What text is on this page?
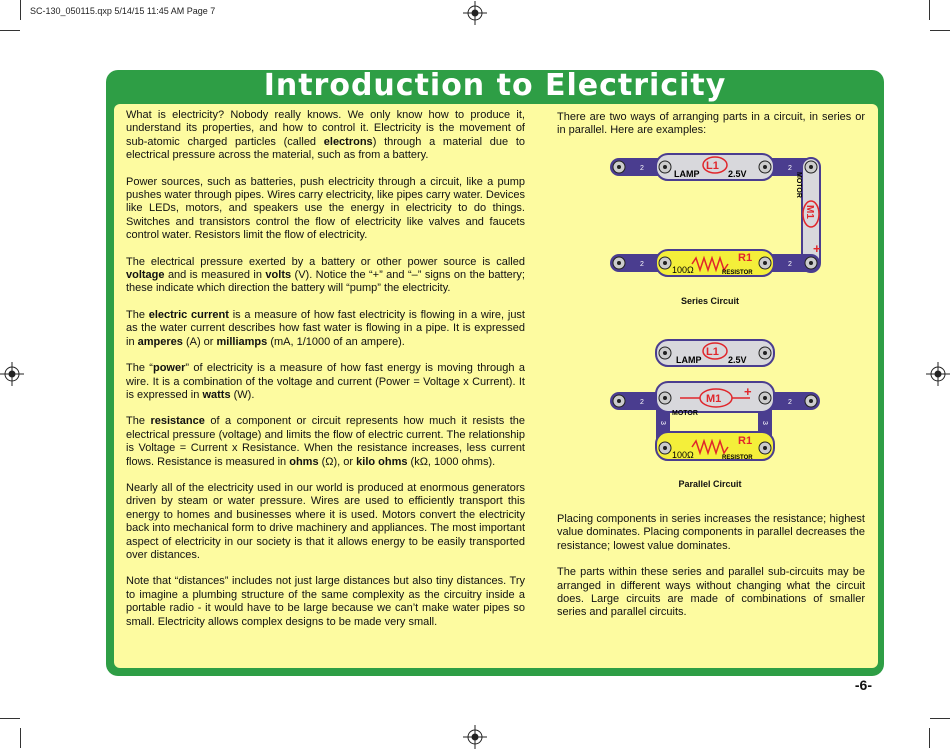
SC-130_050115.qxp 5/14/15 11:45 AM Page 7
Introduction to Electricity

What is electricity? Nobody really knows. We only know how to produce it, understand its properties, and how to control it. Electricity is the movement of sub-atomic charged particles (called electrons) through a material due to electrical pressure across the material, such as from a battery.

Power sources, such as batteries, push electricity through a circuit, like a pump pushes water through pipes. Wires carry electricity, like pipes carry water. Devices like LEDs, motors, and speakers use the energy in electricity to do things. Switches and transistors control the flow of electricity like valves and faucets control water. Resistors limit the flow of electricity.

The electrical pressure exerted by a battery or other power source is called voltage and is measured in volts (V). Notice the “+” and “–” signs on the battery; these indicate which direction the battery will “pump” the electricity.

The electric current is a measure of how fast electricity is flowing in a wire, just as the water current describes how fast water is flowing in a pipe. It is expressed in amperes (A) or milliamps (mA, 1/1000 of an ampere).

The “power” of electricity is a measure of how fast energy is moving through a wire. It is a combination of the voltage and current (Power = Voltage x Current). It is expressed in watts (W).

The resistance of a component or circuit represents how much it resists the electrical pressure (voltage) and limits the flow of electric current. The relationship is Voltage = Current x Resistance. When the resistance increases, less current flows. Resistance is measured in ohms (Ω), or kilo ohms (kΩ, 1000 ohms).

Nearly all of the electricity used in our world is produced at enormous generators driven by steam or water pressure. Wires are used to efficiently transport this energy to homes and businesses where it is used. Motors convert the electricity back into mechanical form to drive machinery and appliances. The most important aspect of electricity in our society is that it allows energy to be easily transported over distances.

Note that “distances” includes not just large distances but also tiny distances. Try to imagine a plumbing structure of the same complexity as the circuitry inside a portable radio - it would have to be large because we can’t make water pipes so small. Electricity allows complex designs to be made very small.

There are two ways of arranging parts in a circuit, in series or in parallel. Here are examples:

2	2
2	2
LAMP
L1
2.5V
R1
100Ω	RESISTOR
MOTOR
M1
+
Series Circuit
2	2
3	3
LAMP
L1
2.5V
M1 +
MOTOR
R1
100Ω	RESISTOR
Parallel Circuit

Placing components in series increases the resistance; highest value dominates. Placing components in parallel decreases the resistance; lowest value dominates.

The parts within these series and parallel sub-circuits may be arranged in different ways without changing what the circuit does. Large circuits are made of combinations of smaller series and parallel circuits.

-6-
